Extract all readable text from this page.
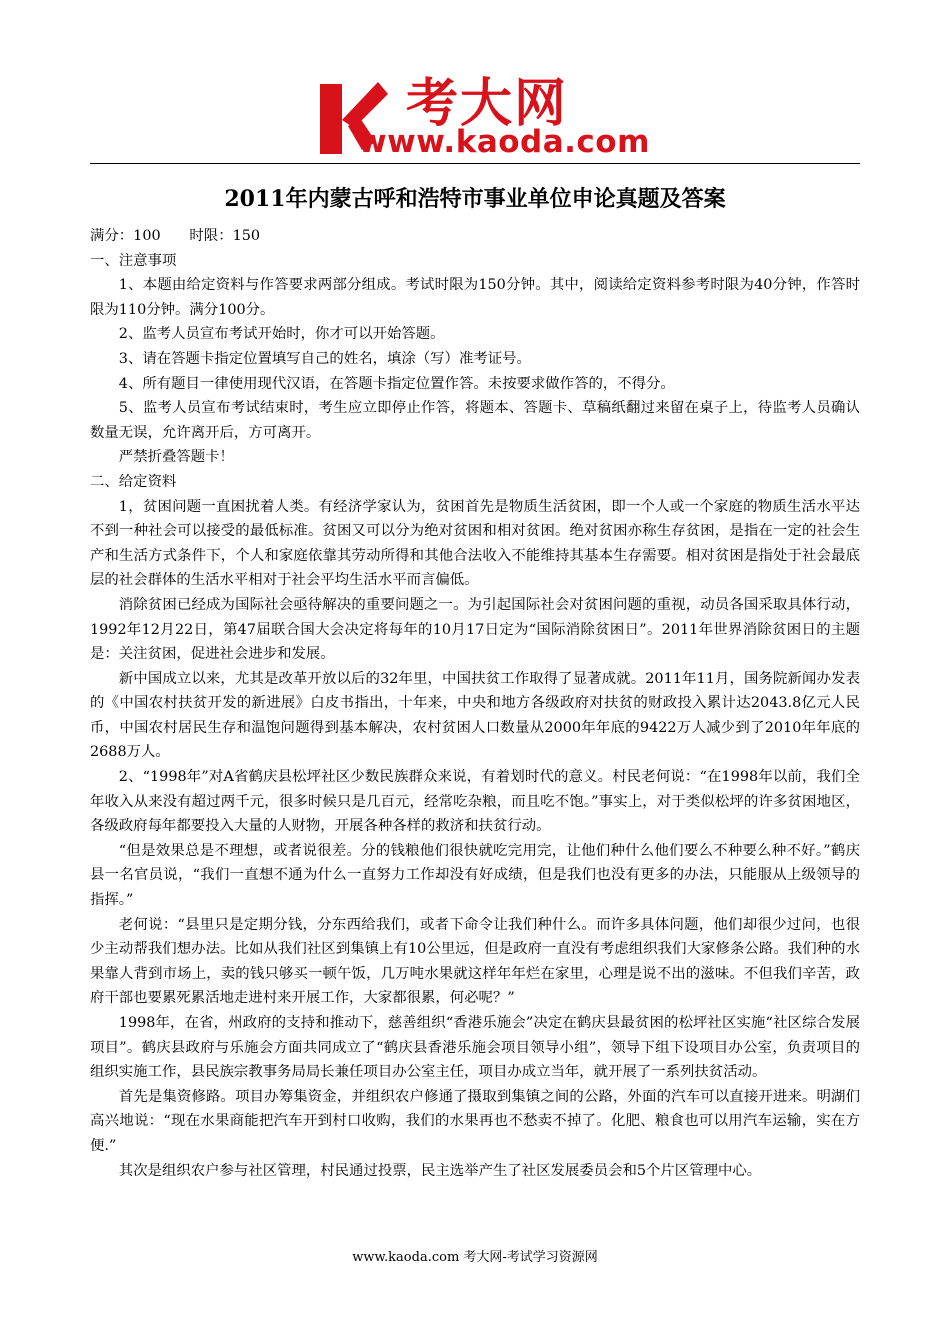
考大网
www.kaoda.com
2011年内蒙古呼和浩特市事业单位申论真题及答案

满分：100　　时限：150

一、注意事项

1、本题由给定资料与作答要求两部分组成。考试时限为150分钟。其中，阅读给定资料参考时限为40分钟，作答时限为110分钟。满分100分。

2、监考人员宣布考试开始时，你才可以开始答题。

3、请在答题卡指定位置填写自己的姓名，填涂（写）准考证号。

4、所有题目一律使用现代汉语，在答题卡指定位置作答。未按要求做作答的，不得分。

5、监考人员宣布考试结束时，考生应立即停止作答，将题本、答题卡、草稿纸翻过来留在桌子上，待监考人员确认数量无误，允许离开后，方可离开。

严禁折叠答题卡！

二、给定资料

1，贫困问题一直困扰着人类。有经济学家认为，贫困首先是物质生活贫困，即一个人或一个家庭的物质生活水平达不到一种社会可以接受的最低标准。贫困又可以分为绝对贫困和相对贫困。绝对贫困亦称生存贫困，是指在一定的社会生产和生活方式条件下，个人和家庭依靠其劳动所得和其他合法收入不能维持其基本生存需要。相对贫困是指处于社会最底层的社会群体的生活水平相对于社会平均生活水平而言偏低。

消除贫困已经成为国际社会亟待解决的重要问题之一。为引起国际社会对贫困问题的重视，动员各国采取具体行动，1992年12月22日，第47届联合国大会决定将每年的10月17日定为“国际消除贫困日”。2011年世界消除贫困日的主题是：关注贫困，促进社会进步和发展。

新中国成立以来，尤其是改革开放以后的32年里，中国扶贫工作取得了显著成就。2011年11月，国务院新闻办发表的《中国农村扶贫开发的新进展》白皮书指出，十年来，中央和地方各级政府对扶贫的财政投入累计达2043.8亿元人民币，中国农村居民生存和温饱问题得到基本解决，农村贫困人口数量从2000年年底的9422万人减少到了2010年年底的2688万人。

2、“1998年”对A省鹤庆县松坪社区少数民族群众来说，有着划时代的意义。村民老何说：“在1998年以前，我们全年收入从来没有超过两千元，很多时候只是几百元，经常吃杂粮，而且吃不饱。”事实上，对于类似松坪的许多贫困地区，各级政府每年都要投入大量的人财物，开展各种各样的救济和扶贫行动。

“但是效果总是不理想，或者说很差。分的钱粮他们很快就吃完用完，让他们种什么他们要么不种要么种不好。”鹤庆县一名官员说，“我们一直想不通为什么一直努力工作却没有好成绩，但是我们也没有更多的办法，只能服从上级领导的指挥。”

老何说：“县里只是定期分钱，分东西给我们，或者下命令让我们种什么。而许多具体问题，他们却很少过问，也很少主动帮我们想办法。比如从我们社区到集镇上有10公里远，但是政府一直没有考虑组织我们大家修条公路。我们种的水果靠人背到市场上，卖的钱只够买一顿午饭，几万吨水果就这样年年烂在家里，心理是说不出的滋味。不但我们辛苦，政府干部也要累死累活地走进村来开展工作，大家都很累，何必呢？”

1998年，在省，州政府的支持和推动下，慈善组织“香港乐施会”决定在鹤庆县最贫困的松坪社区实施“社区综合发展项目”。鹤庆县政府与乐施会方面共同成立了“鹤庆县香港乐施会项目领导小组”，领导下组下设项目办公室，负责项目的组织实施工作，县民族宗教事务局局长兼任项目办公室主任，项目办成立当年，就开展了一系列扶贫活动。

首先是集资修路。项目办筹集资金，并组织农户修通了摄取到集镇之间的公路，外面的汽车可以直接开进来。明湖们高兴地说：“现在水果商能把汽车开到村口收购，我们的水果再也不愁卖不掉了。化肥、粮食也可以用汽车运输，实在方便.”

其次是组织农户参与社区管理，村民通过投票，民主选举产生了社区发展委员会和5个片区管理中心。

www.kaoda.com 考大网-考试学习资源网
